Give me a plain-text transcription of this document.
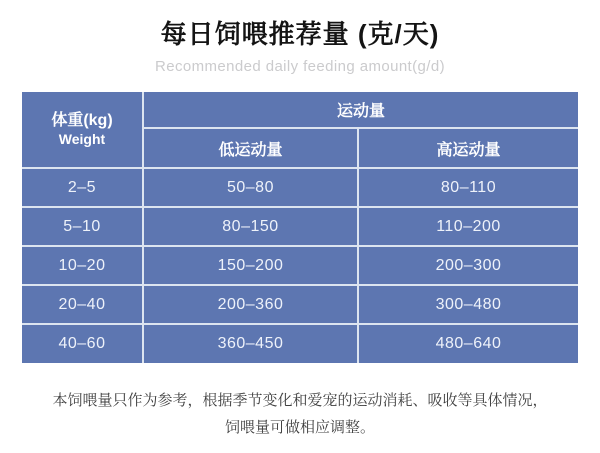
每日饲喂推荐量 (克/天)
Recommended daily feeding amount(g/d)
体重(kg)
Weight	运动量	
	低运动量	高运动量
2–5	50–80	80–110
5–10	80–150	110–200
10–20	150–200	200–300
20–40	200–360	300–480
40–60	360–450	480–640
本饲喂量只作为参考，根据季节变化和爱宠的运动消耗、吸收等具体情况，
饲喂量可做相应调整。
